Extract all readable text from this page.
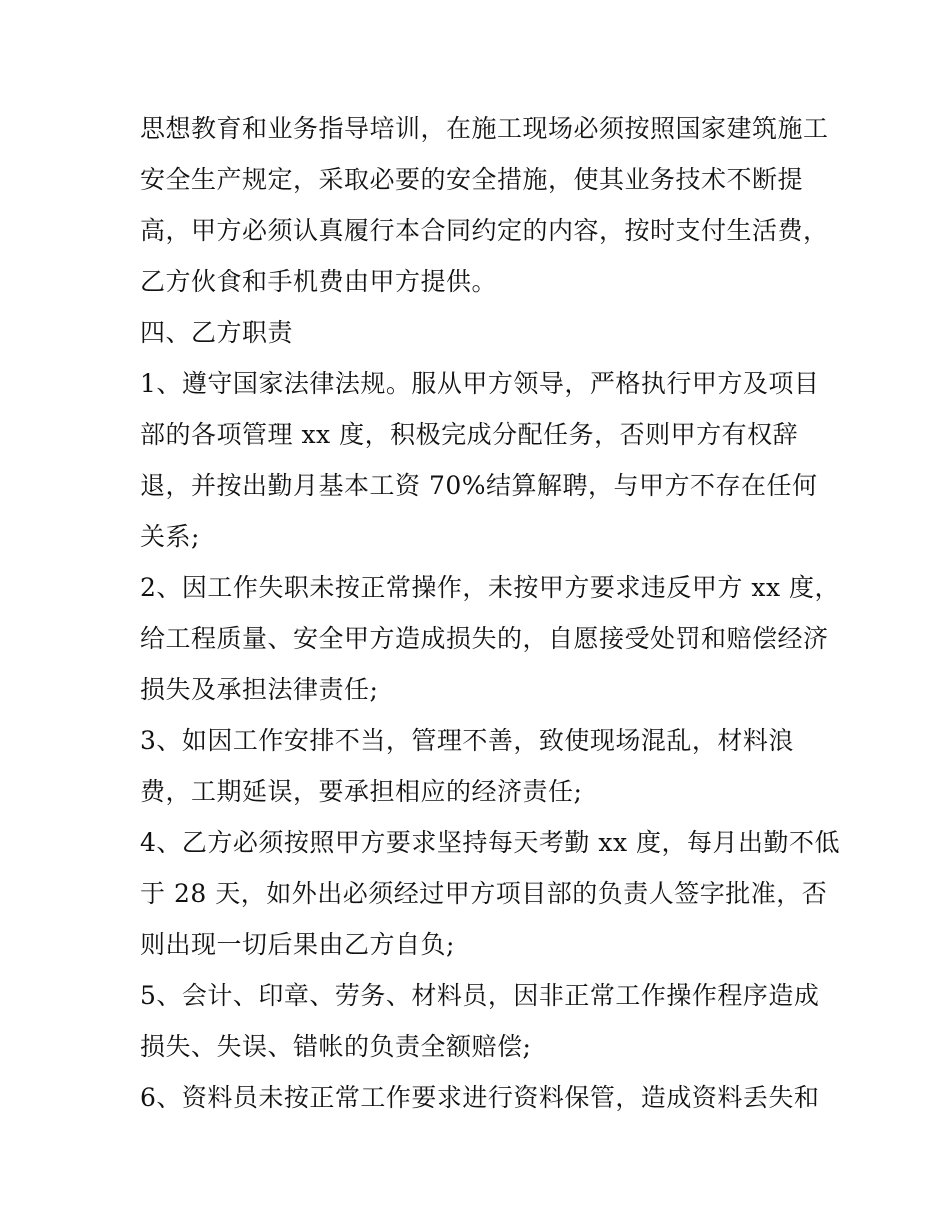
思想教育和业务指导培训，在施工现场必须按照国家建筑施工
安全生产规定，采取必要的安全措施，使其业务技术不断提
高，甲方必须认真履行本合同约定的内容，按时支付生活费，
乙方伙食和手机费由甲方提供。
四、乙方职责
1、遵守国家法律法规。服从甲方领导，严格执行甲方及项目
部的各项管理 xx 度，积极完成分配任务，否则甲方有权辞
退，并按出勤月基本工资 70%结算解聘，与甲方不存在任何
关系;
2、因工作失职未按正常操作，未按甲方要求违反甲方 xx 度，
给工程质量、安全甲方造成损失的，自愿接受处罚和赔偿经济
损失及承担法律责任;
3、如因工作安排不当，管理不善，致使现场混乱，材料浪
费，工期延误，要承担相应的经济责任;
4、乙方必须按照甲方要求坚持每天考勤 xx 度，每月出勤不低
于 28 天，如外出必须经过甲方项目部的负责人签字批准，否
则出现一切后果由乙方自负;
5、会计、印章、劳务、材料员，因非正常工作操作程序造成
损失、失误、错帐的负责全额赔偿;
6、资料员未按正常工作要求进行资料保管，造成资料丢失和
